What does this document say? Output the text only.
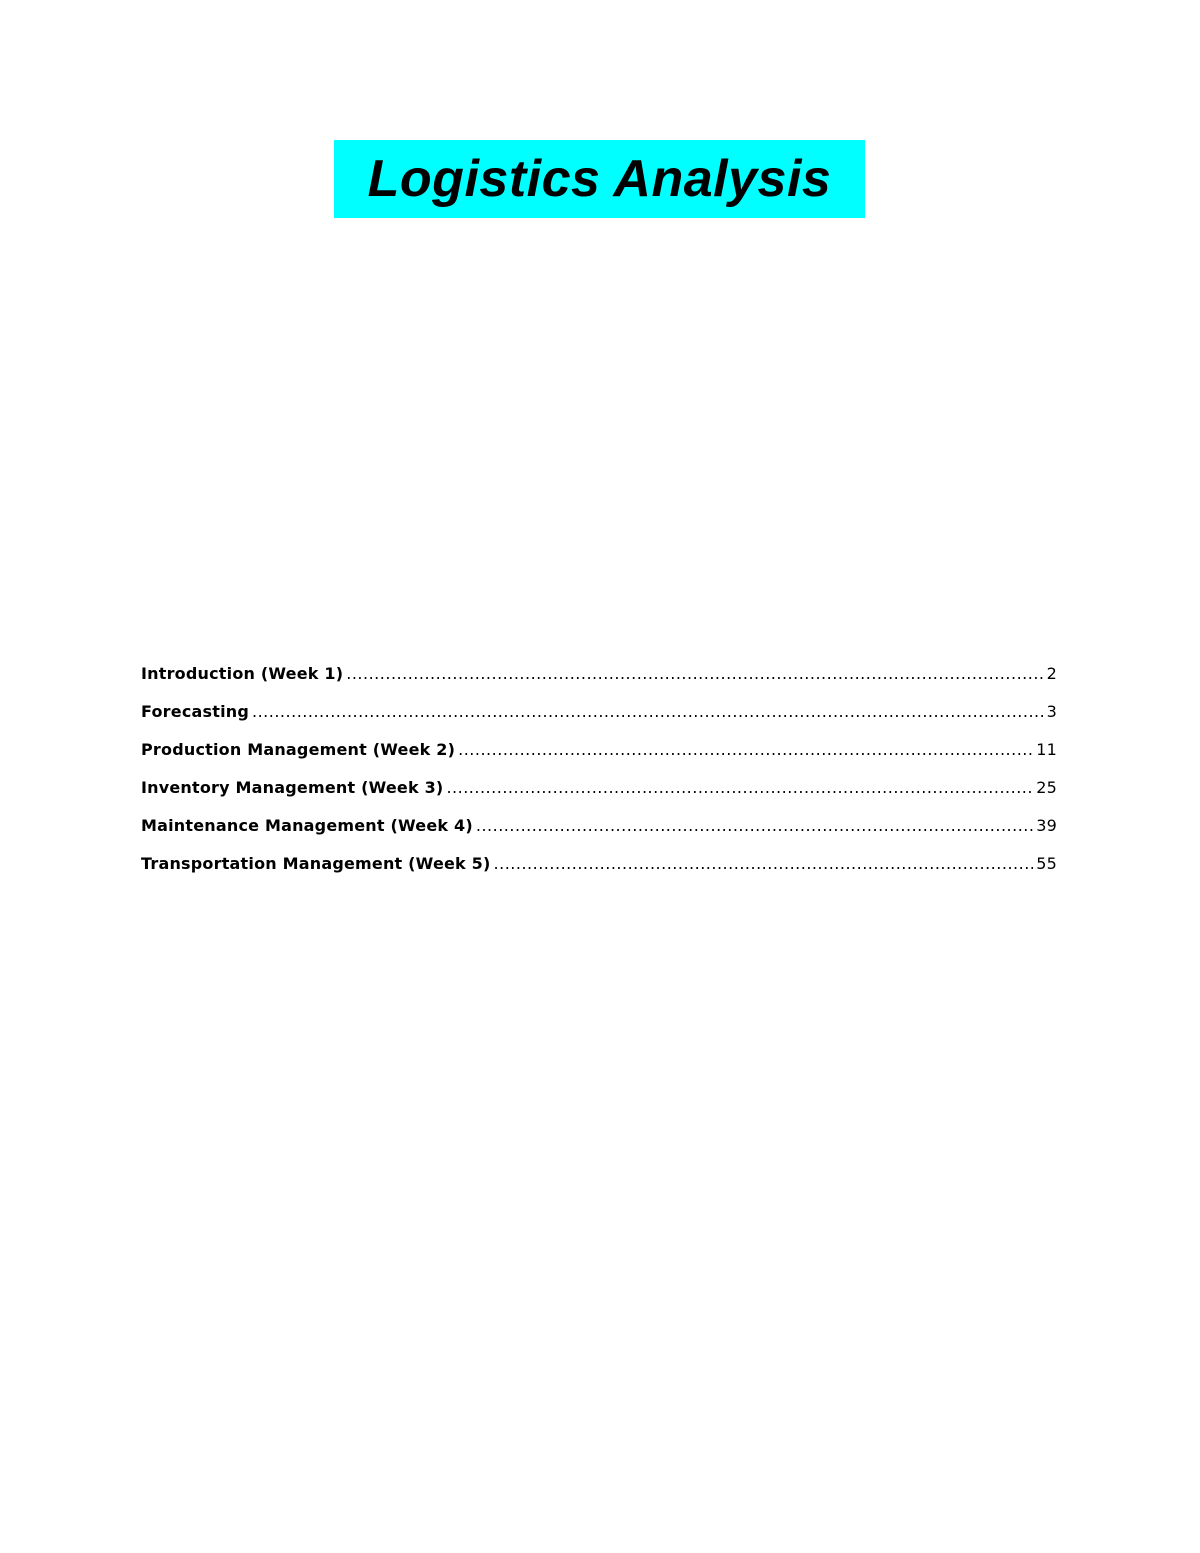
Logistics Analysis
Introduction (Week 1) .....	2
Forecasting .....	3
Production Management (Week 2) .....	11
Inventory Management (Week 3) .....	25
Maintenance Management (Week 4) .....	39
Transportation Management (Week 5) .....	55
